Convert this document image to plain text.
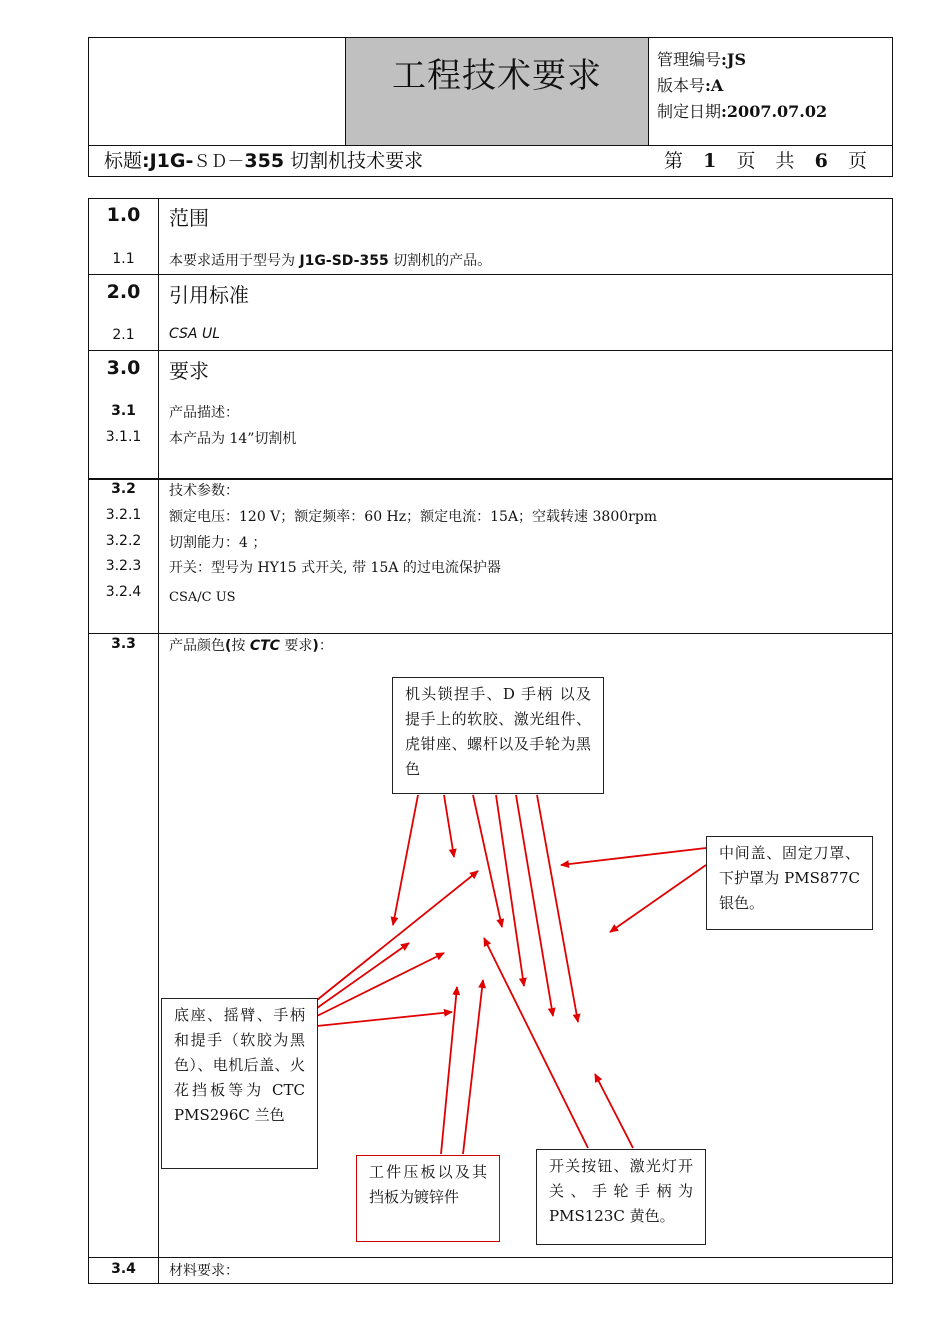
工程技术要求	管理编号:JS
版本号:A
制定日期:2007.07.02
标题:J1G-ＳＤ－355 切割机技术要求	第 1 页 共 6 页
1.0	范围
1.1	本要求适用于型号为 J1G-SD-355 切割机的产品。
2.0	引用标准
2.1	CSA UL
3.0	要求
3.1	产品描述：
3.1.1	本产品为 14”切割机
3.2	技术参数：
3.2.1	额定电压：120 V；额定频率：60 Hz；额定电流：15A；空载转速 3800rpm
3.2.2	切割能力：4 ；
3.2.3	开关：型号为 HY15 式开关, 带 15A 的过电流保护器
3.2.4	CSA/C US
3.3	产品颜色(按 CTC 要求)：
3.4	材料要求：
机头锁捏手、D 手柄 以及提手上的软胶、激光组件、虎钳座、螺杆以及手轮为黑色
中间盖、固定刀罩、下护罩为 PMS877C 银色。
底座、摇臂、手柄和提手（软胶为黑色）、电机后盖、火花挡板等为 CTC PMS296C 兰色
工件压板以及其挡板为镀锌件
开关按钮、激光灯开关、手轮手柄为 PMS123C 黄色。
